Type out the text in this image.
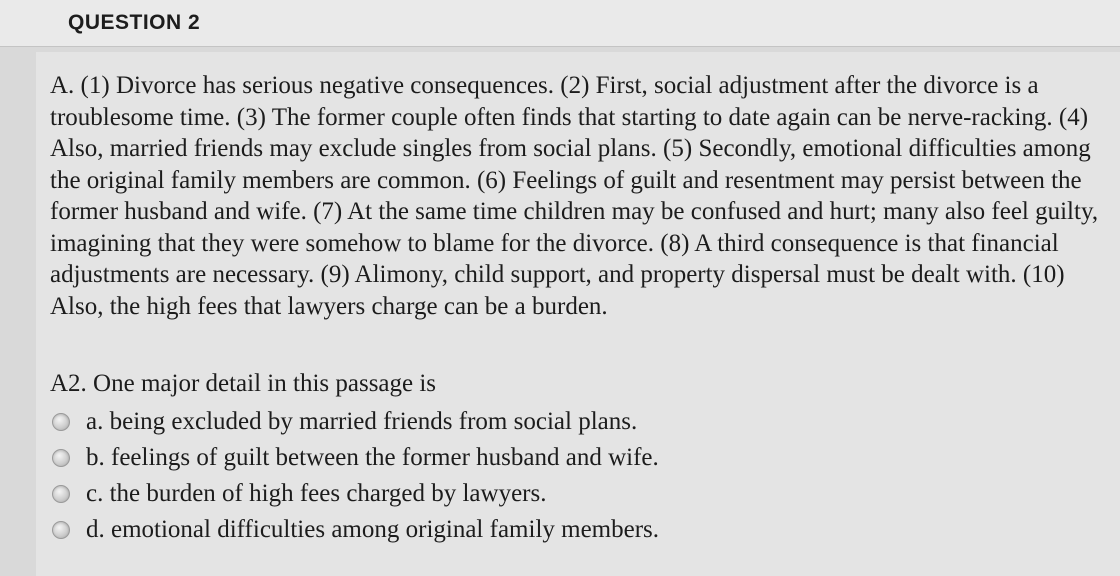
QUESTION 2
A. (1) Divorce has serious negative consequences. (2) First, social adjustment after the divorce is a troublesome time. (3) The former couple often finds that starting to date again can be nerve-racking. (4) Also, married friends may exclude singles from social plans. (5) Secondly, emotional difficulties among the original family members are common. (6) Feelings of guilt and resentment may persist between the former husband and wife. (7) At the same time children may be confused and hurt; many also feel guilty, imagining that they were somehow to blame for the divorce. (8) A third consequence is that financial adjustments are necessary. (9) Alimony, child support, and property dispersal must be dealt with. (10) Also, the high fees that lawyers charge can be a burden.
A2. One major detail in this passage is
a. being excluded by married friends from social plans.
b. feelings of guilt between the former husband and wife.
c. the burden of high fees charged by lawyers.
d. emotional difficulties among original family members.
